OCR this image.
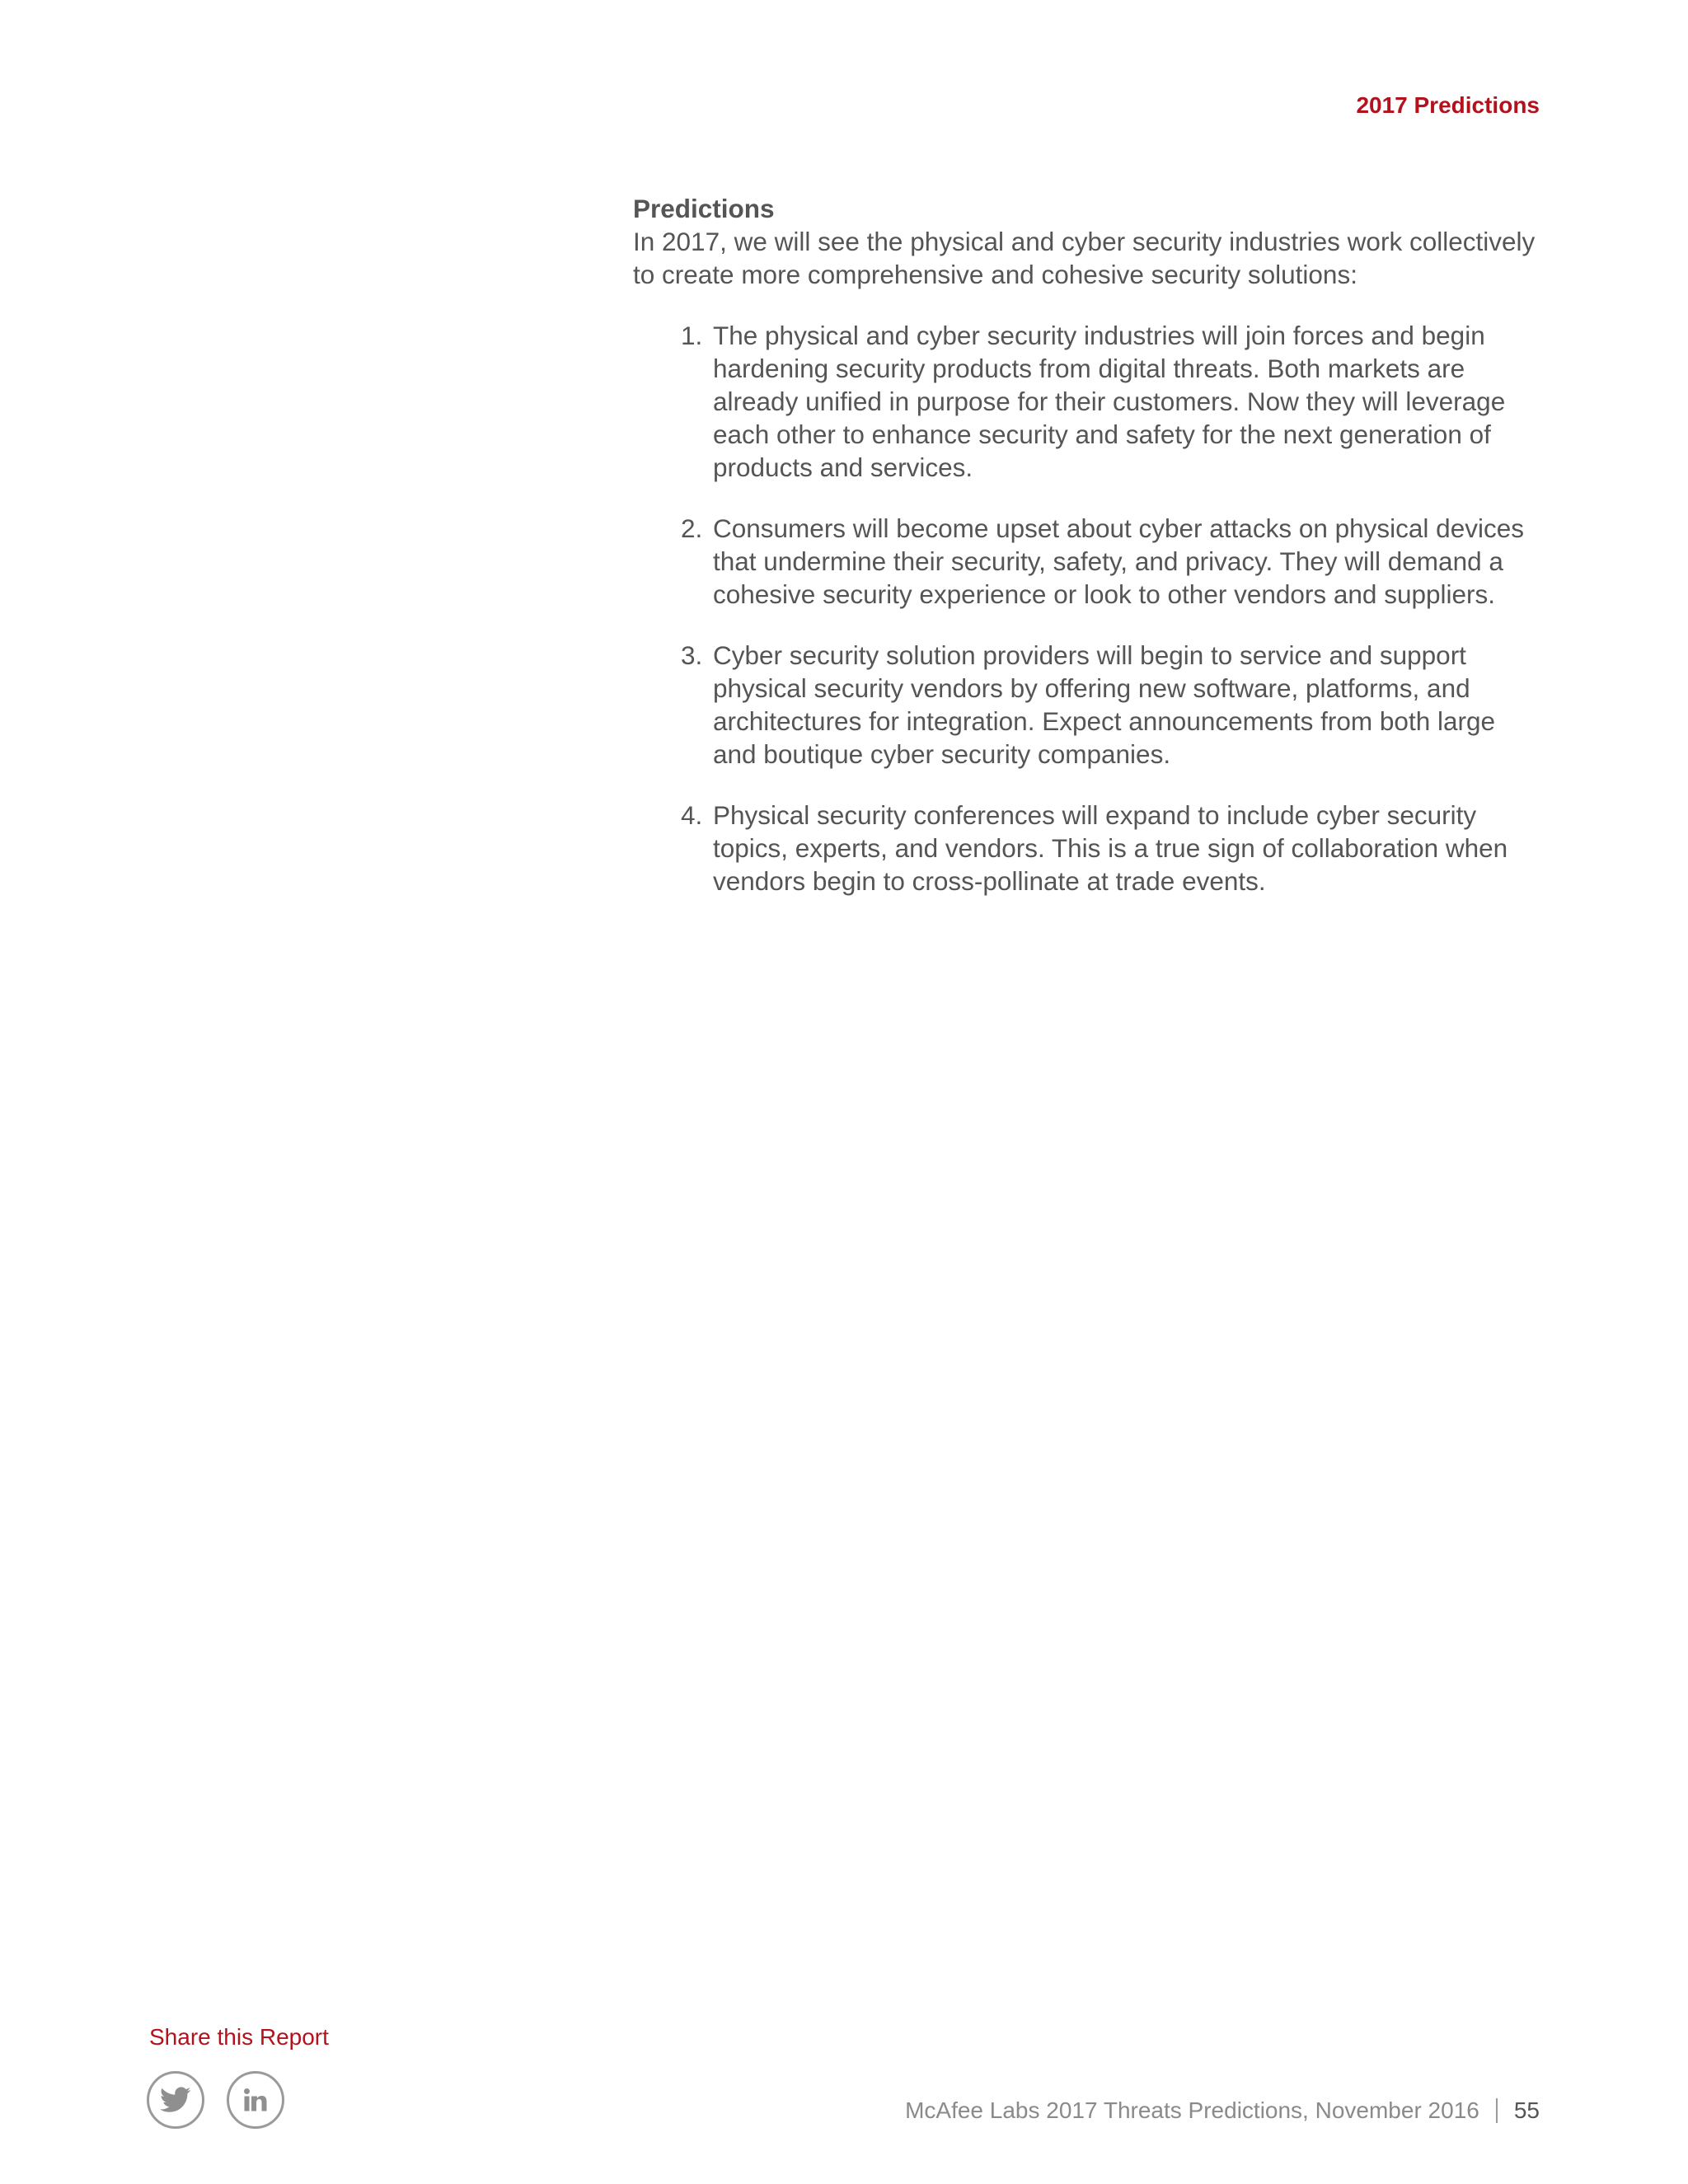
2017 Predictions

Predictions

In 2017, we will see the physical and cyber security industries work collectively to create more comprehensive and cohesive security solutions:

1. The physical and cyber security industries will join forces and begin hardening security products from digital threats. Both markets are already unified in purpose for their customers. Now they will leverage each other to enhance security and safety for the next generation of products and services.
2. Consumers will become upset about cyber attacks on physical devices that undermine their security, safety, and privacy. They will demand a cohesive security experience or look to other vendors and suppliers.
3. Cyber security solution providers will begin to service and support physical security vendors by offering new software, platforms, and architectures for integration. Expect announcements from both large and boutique cyber security companies.
4. Physical security conferences will expand to include cyber security topics, experts, and vendors. This is a true sign of collaboration when vendors begin to cross-pollinate at trade events.
Share this Report
McAfee Labs 2017 Threats Predictions, November 2016 55
